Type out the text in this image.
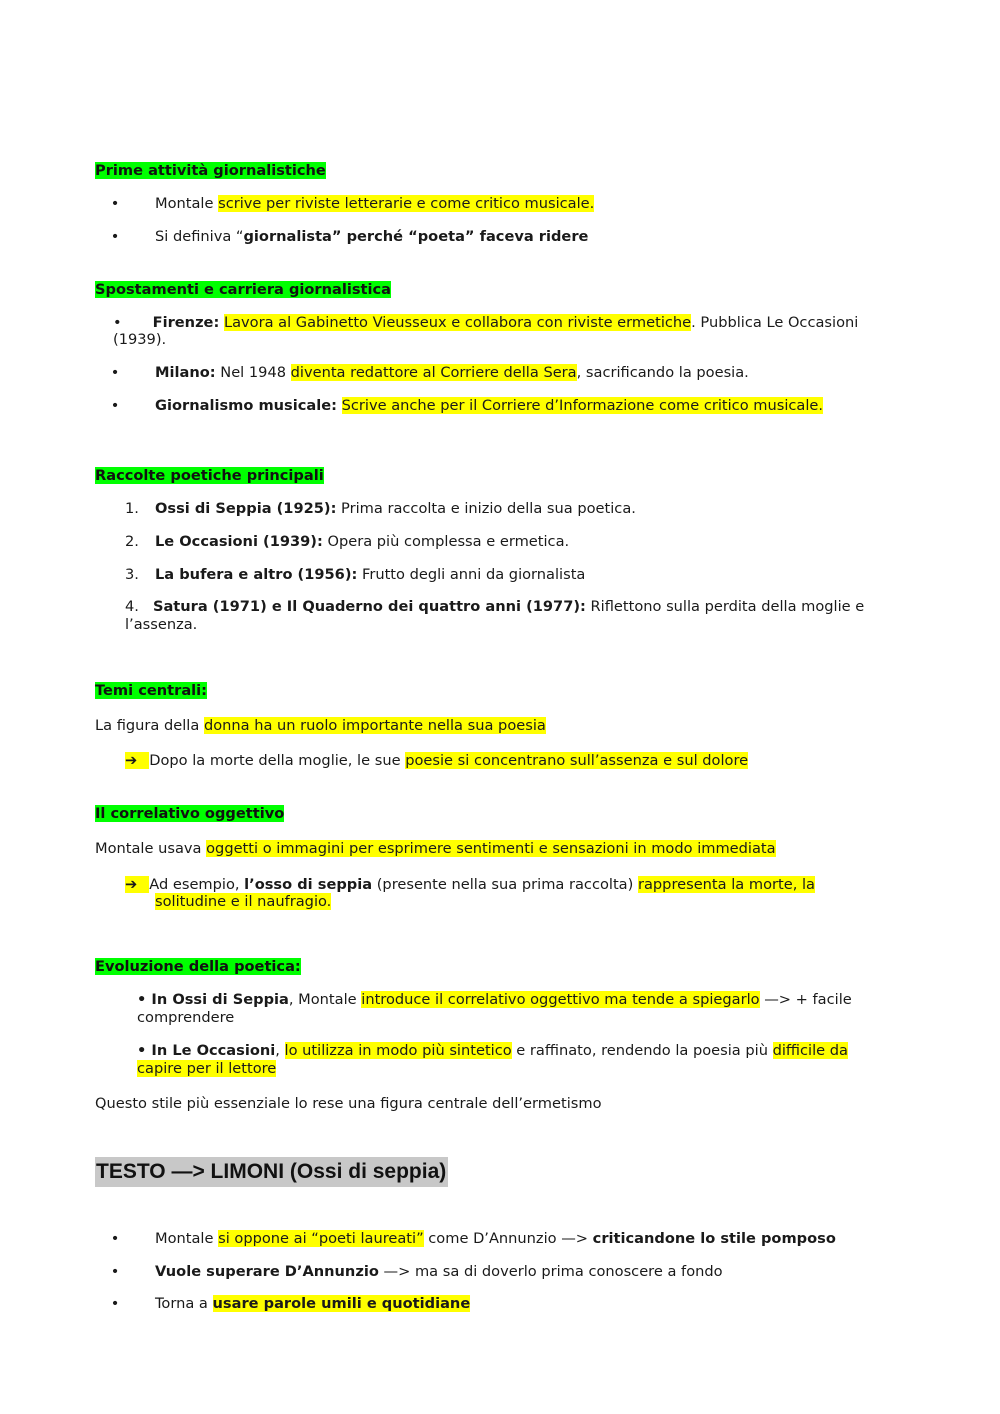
Prime attività giornalistiche
• Montale scrive per riviste letterarie e come critico musicale.
• Si definiva “giornalista” perché “poeta” faceva ridere
Spostamenti e carriera giornalistica
• Firenze: Lavora al Gabinetto Vieusseux e collabora con riviste ermetiche. Pubblica Le Occasioni
(1939).
• Milano: Nel 1948 diventa redattore al Corriere della Sera, sacrificando la poesia.
• Giornalismo musicale: Scrive anche per il Corriere d’Informazione come critico musicale.
Raccolte poetiche principali
1. Ossi di Seppia (1925): Prima raccolta e inizio della sua poetica.
2. Le Occasioni (1939): Opera più complessa e ermetica.
3. La bufera e altro (1956): Frutto degli anni da giornalista
4. Satura (1971) e Il Quaderno dei quattro anni (1977): Riflettono sulla perdita della moglie e
l’assenza.
Temi centrali:
La figura della donna ha un ruolo importante nella sua poesia
➔ Dopo la morte della moglie, le sue poesie si concentrano sull’assenza e sul dolore
Il correlativo oggettivo
Montale usava oggetti o immagini per esprimere sentimenti e sensazioni in modo immediata
➔ Ad esempio, l’osso di seppia (presente nella sua prima raccolta) rappresenta la morte, la
solitudine e il naufragio.
Evoluzione della poetica:
• In Ossi di Seppia, Montale introduce il correlativo oggettivo ma tende a spiegarlo —> + facile
comprendere
• In Le Occasioni, lo utilizza in modo più sintetico e raffinato, rendendo la poesia più difficile da
capire per il lettore
Questo stile più essenziale lo rese una figura centrale dell’ermetismo
TESTO —> LIMONI (Ossi di seppia)
• Montale si oppone ai “poeti laureati” come D’Annunzio —> criticandone lo stile pomposo
• Vuole superare D’Annunzio —> ma sa di doverlo prima conoscere a fondo
• Torna a usare parole umili e quotidiane
